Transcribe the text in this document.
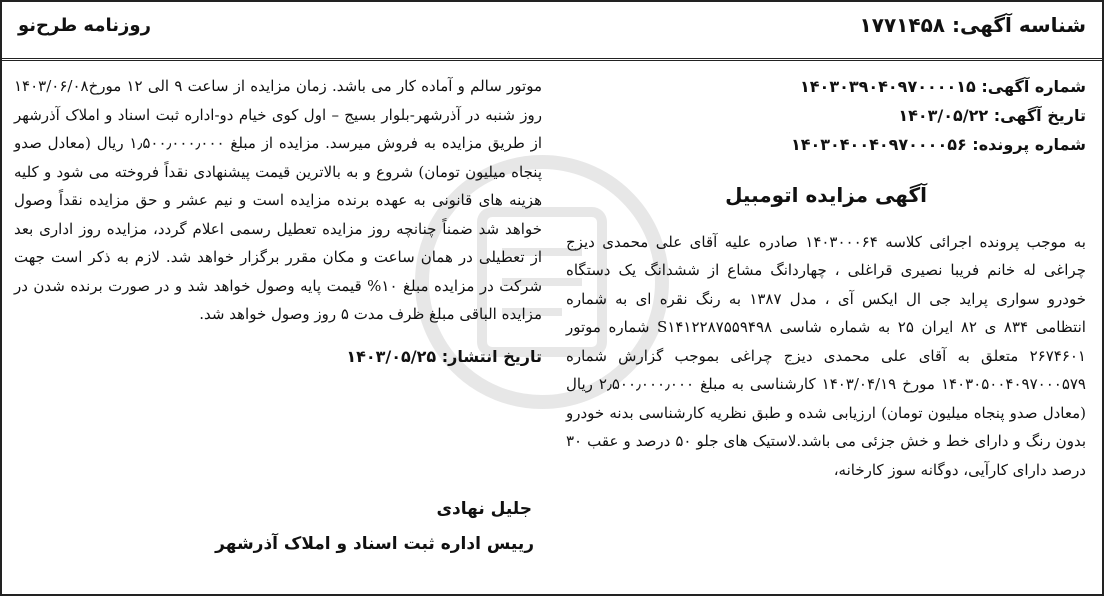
شناسه آگهی: ۱۷۷۱۴۵۸
روزنامه طرح‌نو
شماره آگهی: ۱۴۰۳۰۳۹۰۴۰۹۷۰۰۰۰۱۵
تاریخ آگهی: ۱۴۰۳/۰۵/۲۲
شماره پرونده: ۱۴۰۳۰۴۰۰۴۰۹۷۰۰۰۰۵۶
آگهی مزایده اتومبیل

به موجب پرونده اجرائی کلاسه ۱۴۰۳۰۰۰۶۴ صادره علیه آقای علی محمدی دیزج چراغی له خانم فریبا نصیری قراغلی ، چهاردانگ مشاع از ششدانگ یک دستگاه خودرو سواری پراید جی ال ایکس آی ، مدل ۱۳۸۷ به رنگ نقره ای به شماره انتظامی ۸۳۴ ی ۸۲ ایران ۲۵ به شماره شاسی S۱۴۱۲۲۸۷۵۵۹۴۹۸ شماره موتور ۲۶۷۴۶۰۱ متعلق به آقای علی محمدی دیزج چراغی بموجب گزارش شماره ۱۴۰۳۰۵۰۰۴۰۹۷۰۰۰۵۷۹ مورخ ۱۴۰۳/۰۴/۱۹ کارشناسی به مبلغ ۲٫۵۰۰٫۰۰۰٫۰۰۰ ریال (معادل صدو پنجاه میلیون تومان) ارزیابی شده و طبق نظریه کارشناسی بدنه خودرو بدون رنگ و دارای خط و خش جزئی می باشد.لاستیک های جلو ۵۰ درصد و عقب ۳۰ درصد دارای کارآیی، دوگانه سوز کارخانه،

موتور سالم و آماده کار می باشد. زمان مزایده از ساعت ۹ الی ۱۲ مورخ۱۴۰۳/۰۶/۰۸ روز شنبه در آذرشهر-بلوار بسیج – اول کوی خیام دو-اداره ثبت اسناد و املاک آذرشهر از طریق مزایده به فروش میرسد. مزایده از مبلغ ۱٫۵۰۰٫۰۰۰٫۰۰۰ ریال (معادل صدو پنجاه میلیون تومان) شروع و به بالاترین قیمت پیشنهادی نقداً فروخته می شود و کلیه هزینه های قانونی به عهده برنده مزایده است و نیم عشر و حق مزایده نقداً وصول خواهد شد ضمناً چنانچه روز مزایده تعطیل رسمی اعلام گردد، مزایده روز اداری بعد از تعطیلی در همان ساعت و مکان مقرر برگزار خواهد شد. لازم به ذکر است جهت شرکت در مزایده مبلغ ۱۰% قیمت پایه وصول خواهد شد و در صورت برنده شدن در مزایده الباقی مبلغ ظرف مدت ۵ روز وصول خواهد شد.

تاریخ انتشار: ۱۴۰۳/۰۵/۲۵
جلیل نهادی
رییس اداره ثبت اسناد و املاک آذرشهر
